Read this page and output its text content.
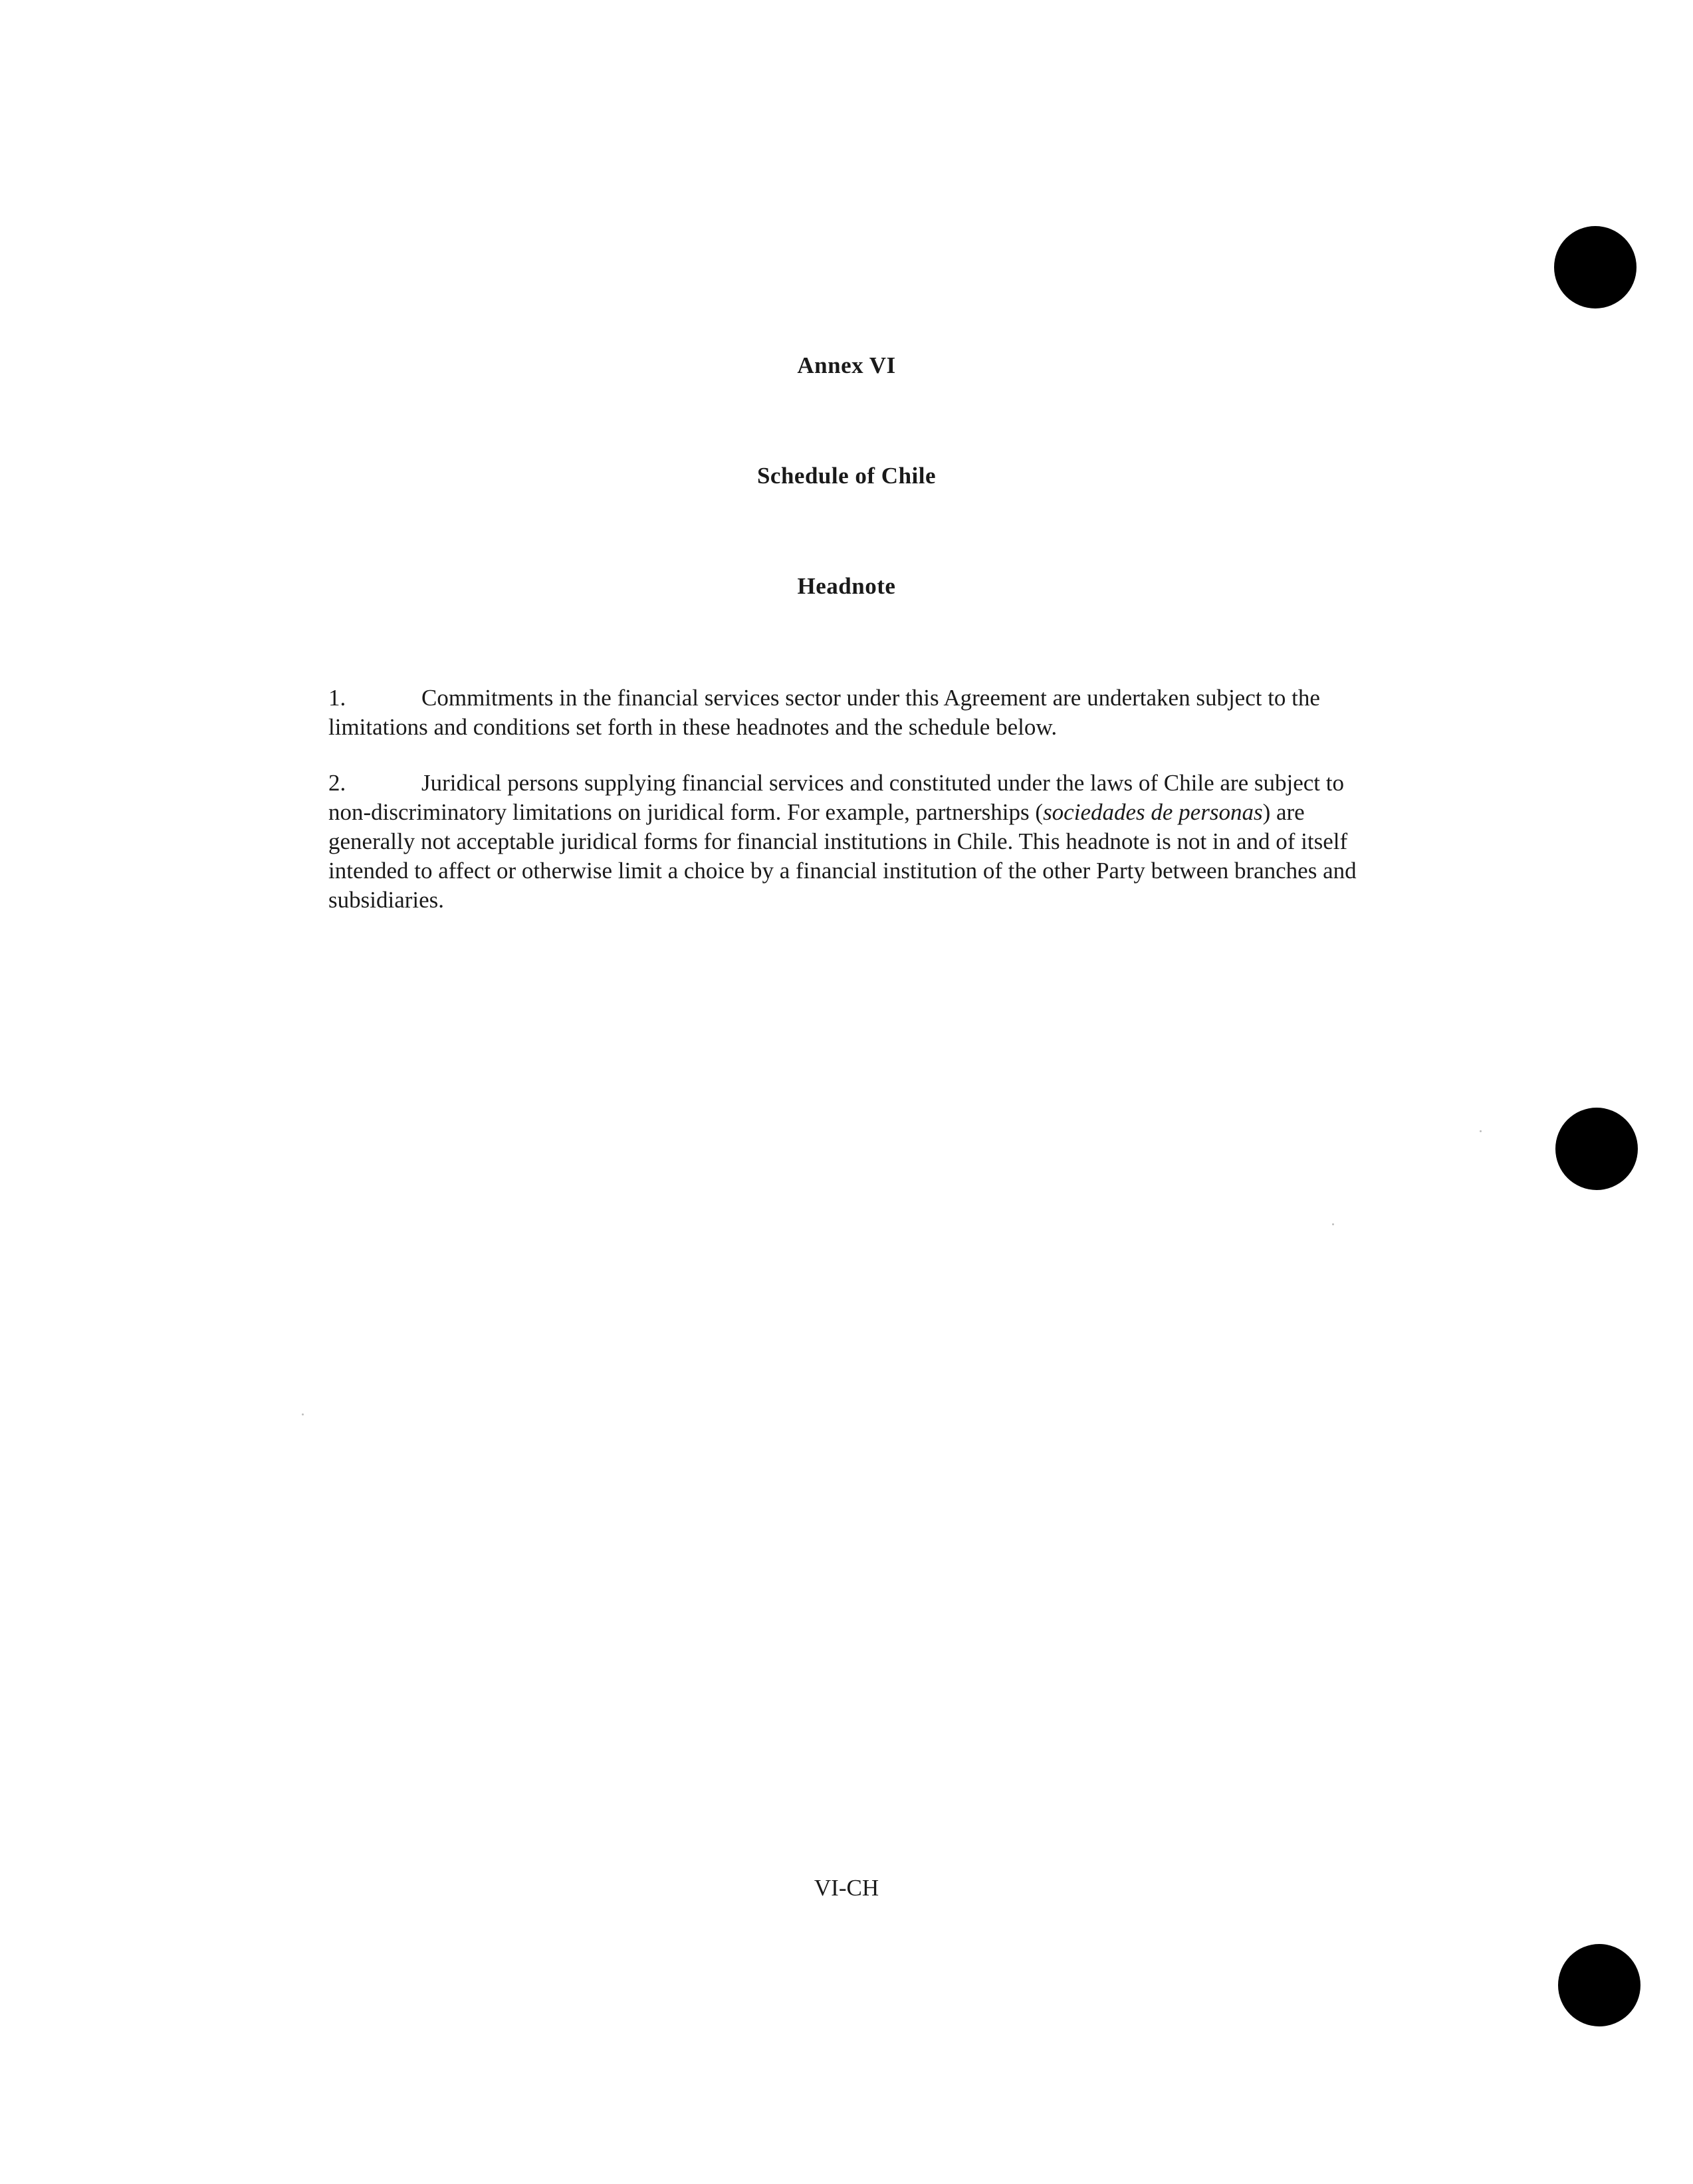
Annex VI
Schedule of Chile
Headnote
1.	Commitments in the financial services sector under this Agreement are undertaken subject to the limitations and conditions set forth in these headnotes and the schedule below.
2.	Juridical persons supplying financial services and constituted under the laws of Chile are subject to non-discriminatory limitations on juridical form. For example, partnerships (sociedades de personas) are generally not acceptable juridical forms for financial institutions in Chile. This headnote is not in and of itself intended to affect or otherwise limit a choice by a financial institution of the other Party between branches and subsidiaries.
VI-CH
